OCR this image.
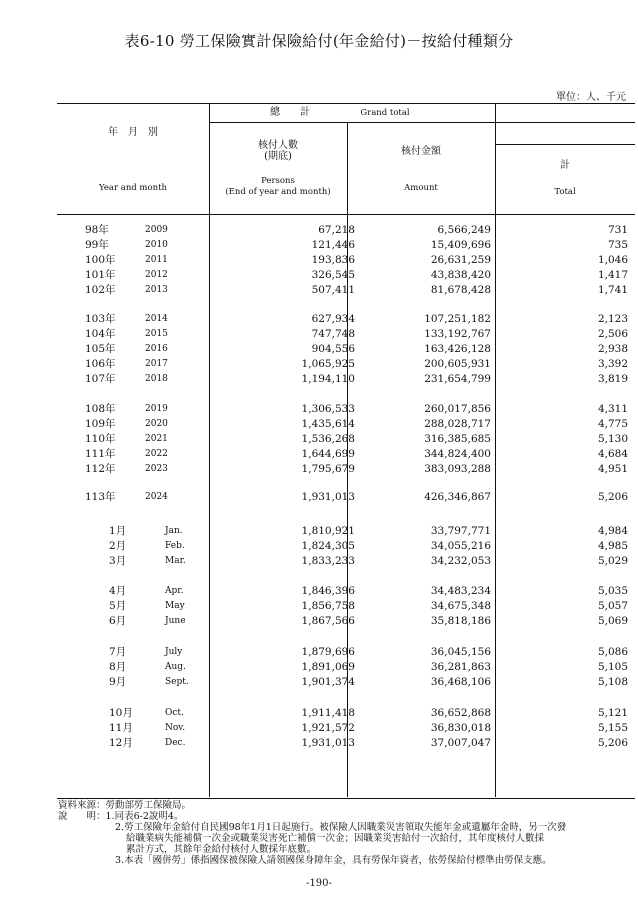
表6-10 勞工保險實計保險給付(年金給付)－按給付種類分
單位：人、千元
年　月　別
Year and month
總　　計	Grand total
核付人數
(期底)
Persons
(End of year and month)
核付金額
Amount
計
Total
98年	2009	67,218	6,566,249	731
99年	2010	121,446	15,409,696	735
100年	2011	193,836	26,631,259	1,046
101年	2012	326,545	43,838,420	1,417
102年	2013	507,411	81,678,428	1,741
103年	2014	627,934	107,251,182	2,123
104年	2015	747,748	133,192,767	2,506
105年	2016	904,556	163,426,128	2,938
106年	2017	1,065,925	200,605,931	3,392
107年	2018	1,194,110	231,654,799	3,819
108年	2019	1,306,533	260,017,856	4,311
109年	2020	1,435,614	288,028,717	4,775
110年	2021	1,536,268	316,385,685	5,130
111年	2022	1,644,699	344,824,400	4,684
112年	2023	1,795,679	383,093,288	4,951
113年	2024	1,931,013	426,346,867	5,206
1月	Jan.	1,810,921	33,797,771	4,984
2月	Feb.	1,824,305	34,055,216	4,985
3月	Mar.	1,833,233	34,232,053	5,029
4月	Apr.	1,846,396	34,483,234	5,035
5月	May	1,856,758	34,675,348	5,057
6月	June	1,867,566	35,818,186	5,069
7月	July	1,879,696	36,045,156	5,086
8月	Aug.	1,891,069	36,281,863	5,105
9月	Sept.	1,901,374	36,468,106	5,108
10月	Oct.	1,911,418	36,652,868	5,121
11月	Nov.	1,921,572	36,830,018	5,155
12月	Dec.	1,931,013	37,007,047	5,206
資料來源：勞動部勞工保險局。
說　　明：1.同表6-2說明4。
2.勞工保險年金給付自民國98年1月1日起施行。被保險人因職業災害領取失能年金或遺屬年金時，另一次發
給職業病失能補償一次金或職業災害死亡補償一次金；因職業災害給付一次給付，其年度核付人數採
累計方式，其餘年金給付核付人數採年底數。
3.本表「國併勞」係指國保被保險人請領國保身障年金，具有勞保年資者，依勞保給付標準由勞保支應。
-190-
